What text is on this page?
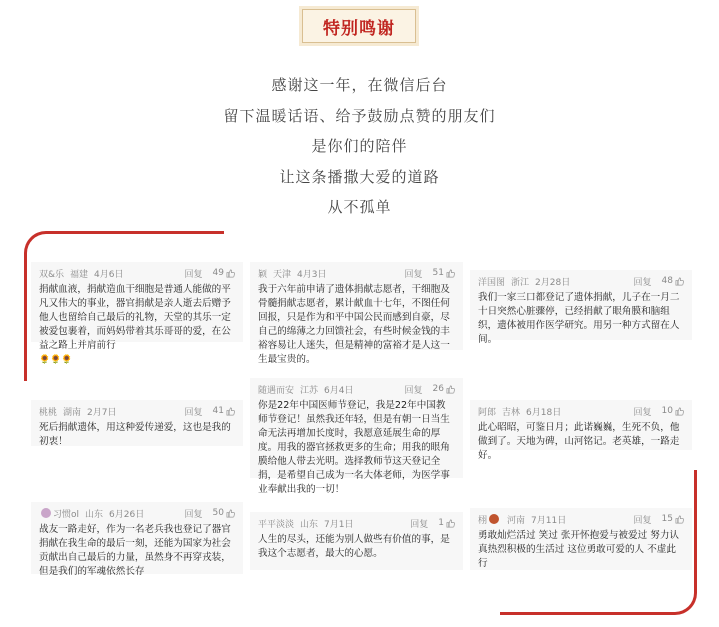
特别鸣谢
感谢这一年，在微信后台
留下温暖话语、给予鼓励点赞的朋友们
是你们的陪伴
让这条播撒大爱的道路
从不孤单
双&乐 福建 4月6日	回复 49
捐献血液，捐献造血干细胞是普通人能做的平凡又伟大的事业，器官捐献是亲人逝去后赠予他人也留给自己最后的礼物，天堂的其乐一定被爱包裹着，而妈妈带着其乐哥哥的爱，在公益之路上并肩前行
🌻🌻🌻
颖 天津 4月3日	回复 51
我于六年前申请了遗体捐献志愿者，干细胞及骨髓捐献志愿者，累计献血十七年，不图任何回报，只是作为和平中国公民而感到自豪，尽自己的绵薄之力回馈社会，有些时候金钱的丰裕容易让人迷失，但是精神的富裕才是人这一生最宝贵的。
洋国图 浙江 2月28日	回复 48
我们一家三口都登记了遗体捐献，儿子在一月二十日突然心脏骤停，已经捐献了眼角膜和脑组织，遗体被用作医学研究。用另一种方式留在人间。
桃桃 湖南 2月7日	回复 41
死后捐献遗体，用这种爱传递爱，这也是我的初衷！
随遇而安 江苏 6月4日	回复 26
你是22年中国医师节登记，我是22年中国教师节登记！虽然我还年轻，但是有朝一日当生命无法再增加长度时，我愿意延展生命的厚度。用我的器官拯救更多的生命；用我的眼角膜给他人带去光明。选择教师节这天登记全捐，是希望自己成为一名大体老师，为医学事业奉献出我的一切！
阿郎 吉林 6月18日	回复 10
此心昭昭，可鉴日月；此诺巍巍，生死不负，他做到了。天地为碑，山河铭记。老英雄，一路走好。
习惯ol 山东 6月26日	回复 50
战友一路走好，作为一名老兵我也登记了器官捐献在我生命的最后一刻，还能为国家为社会贡献出自己最后的力量，虽然身不再穿戎装，但是我们的军魂依然长存
平平淡淡 山东 7月1日	回复 1
人生的尽头，还能为别人做些有价值的事，是我这个志愿者，最大的心愿。
栩 河南 7月11日	回复 15
勇敢灿烂活过 笑过 张开怀抱爱与被爱过 努力认真热烈积极的生活过 这位勇敢可爱的人 不虚此行
